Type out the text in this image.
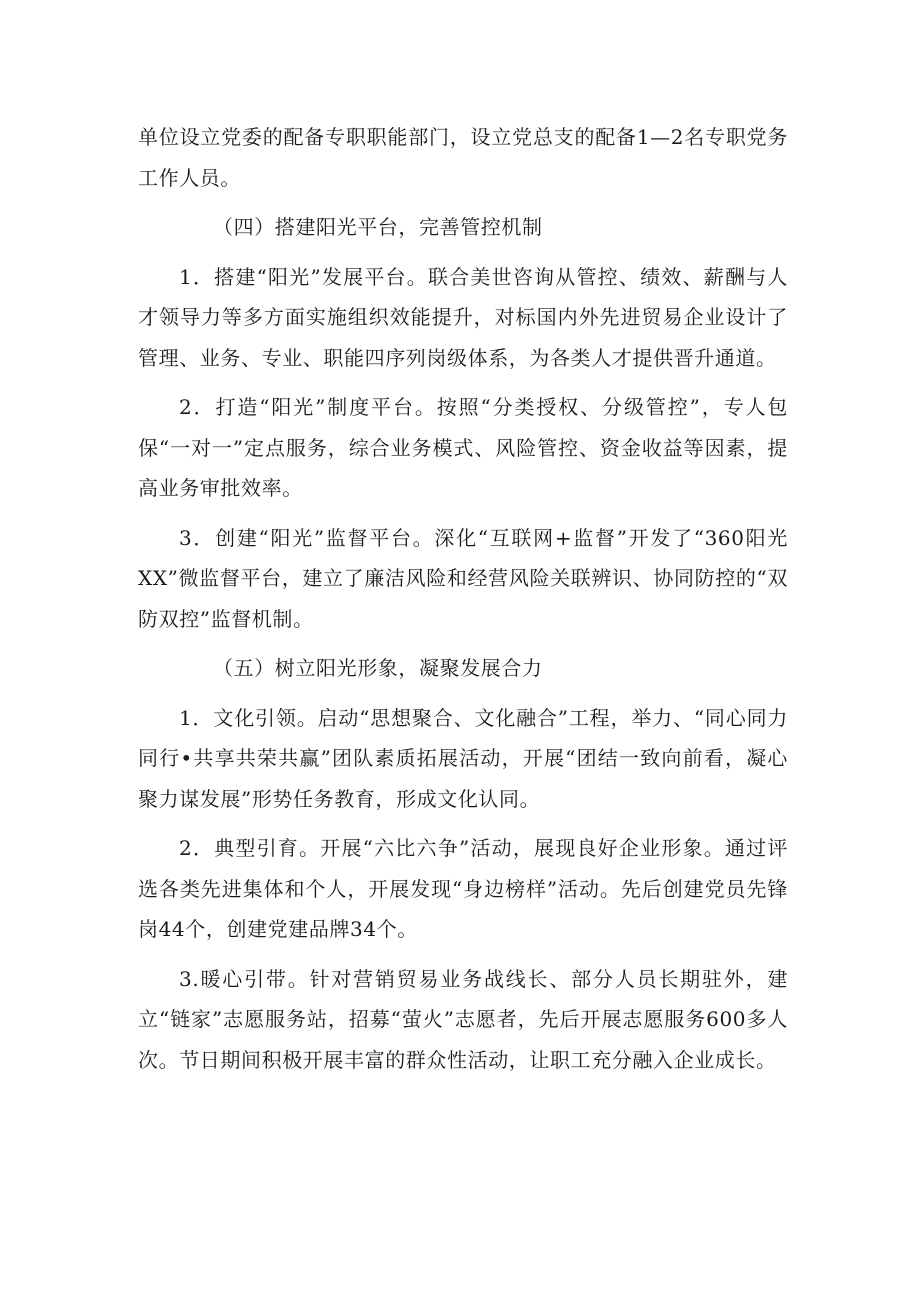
单位设立党委的配备专职职能部门，设立党总支的配备1—2名专职党务工作人员。

（四）搭建阳光平台，完善管控机制

1．搭建“阳光”发展平台。联合美世咨询从管控、绩效、薪酬与人才领导力等多方面实施组织效能提升，对标国内外先进贸易企业设计了管理、业务、专业、职能四序列岗级体系，为各类人才提供晋升通道。

2．打造“阳光”制度平台。按照“分类授权、分级管控”，专人包保“一对一”定点服务，综合业务模式、风险管控、资金收益等因素，提高业务审批效率。

3．创建“阳光”监督平台。深化“互联网+监督”开发了“360阳光XX”微监督平台，建立了廉洁风险和经营风险关联辨识、协同防控的“双防双控”监督机制。

（五）树立阳光形象，凝聚发展合力

1．文化引领。启动“思想聚合、文化融合”工程，举力、“同心同力同行•共享共荣共赢”团队素质拓展活动，开展“团结一致向前看，凝心聚力谋发展”形势任务教育，形成文化认同。

2．典型引育。开展“六比六争”活动，展现良好企业形象。通过评选各类先进集体和个人，开展发现“身边榜样”活动。先后创建党员先锋岗44个，创建党建品牌34个。

3.暖心引带。针对营销贸易业务战线长、部分人员长期驻外，建立“链家”志愿服务站，招募“萤火”志愿者，先后开展志愿服务600多人次。节日期间积极开展丰富的群众性活动，让职工充分融入企业成长。
